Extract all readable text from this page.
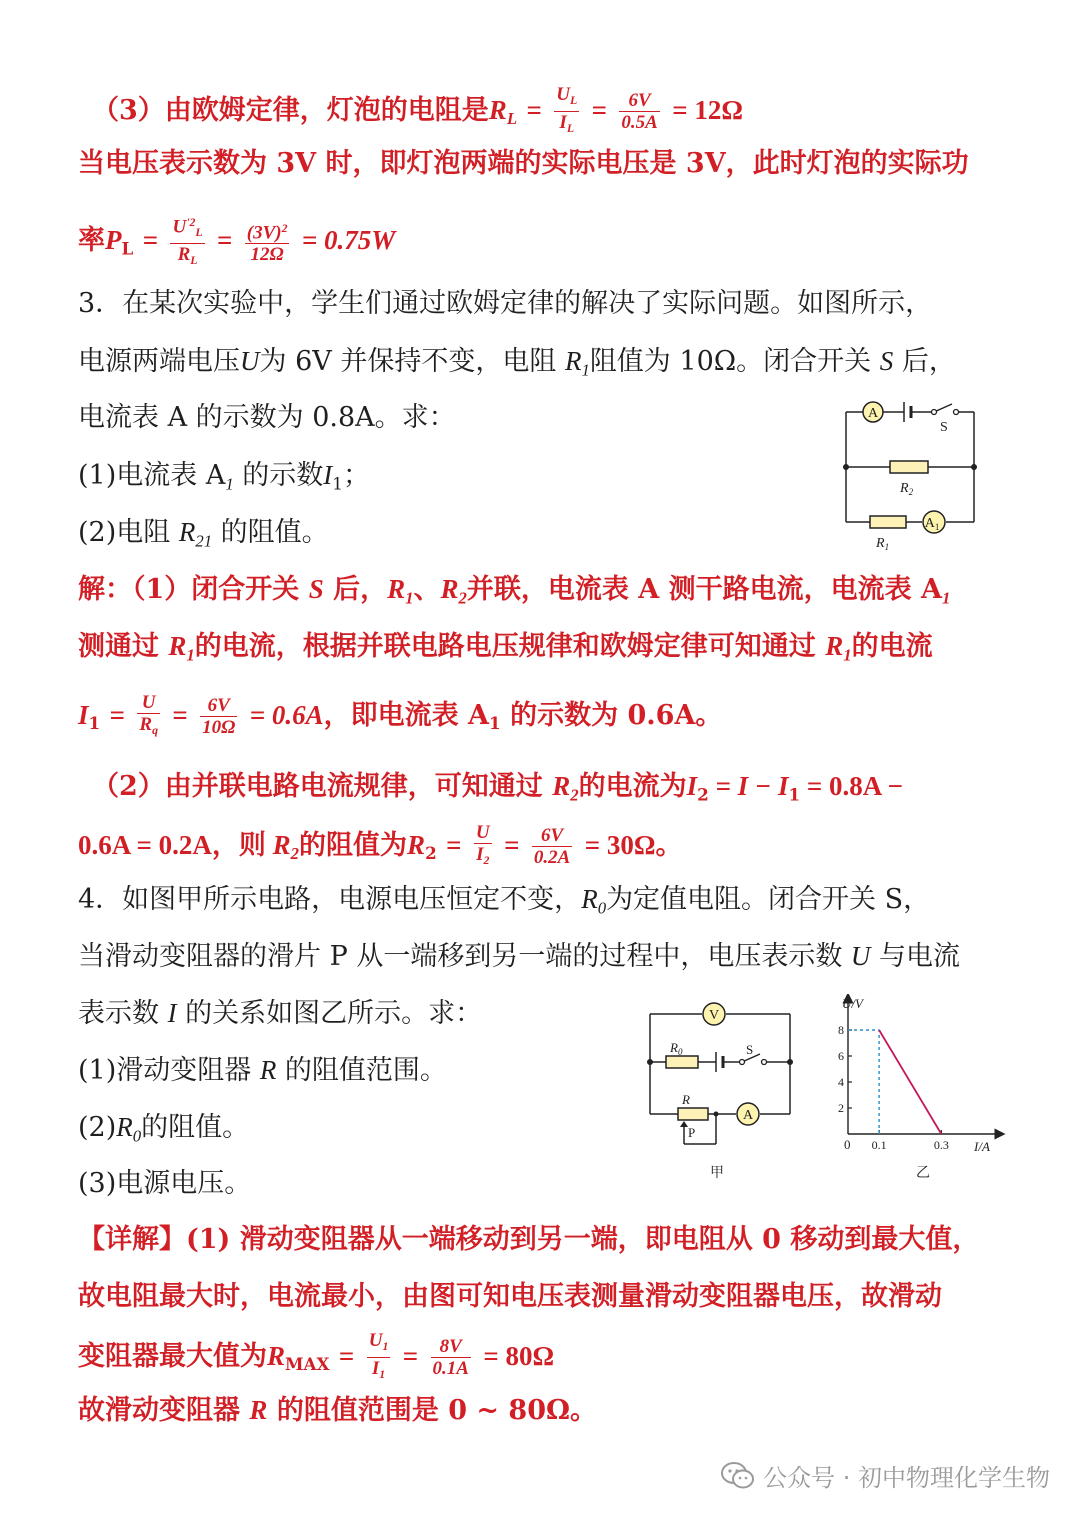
（3）由欧姆定律，灯泡的电阻是$R_L = \frac{U_L}{I_L} = \frac{6V}{0.5A} = 12\Omega$
当电压表示数为 3V 时，即灯泡两端的实际电压是 3V，此时灯泡的实际功
率$P_L = \frac{U^{'2}_L}{R_L} = \frac{(3V)^2}{12\Omega} = 0.75W$
3．在某次实验中，学生们通过欧姆定律的解决了实际问题。如图所示，
电源两端电压U为 6V 并保持不变，电阻 $R_1$阻值为 10Ω。闭合开关 S 后，
电流表 A 的示数为 0.8A。求：
(1)电流表 $A_1$ 的示数$I_1$；
(2)电阻 $R_{21}$ 的阻值。
A
$A_1$
S
$R_2$
$R_1$
解：（1）闭合开关 S 后，$R_1$、$R_2$并联，电流表 A 测干路电流，电流表 $A_1$
测通过 $R_1$的电流，根据并联电路电压规律和欧姆定律可知通过 $R_1$的电流
$I_1 = \frac{U}{R_q} = \frac{6V}{10\Omega} = 0.6A$，即电流表 $A_1$ 的示数为 0.6A。
（2）由并联电路电流规律，可知通过 $R_2$的电流为$I_2 = I - I_1 = 0.8A$ −
0.6A = 0.2A，则 $R_2$的阻值为$R_2 = \frac{U}{I_2} = \frac{6V}{0.2A} = 30\Omega$。
4．如图甲所示电路，电源电压恒定不变，$R_0$为定值电阻。闭合开关 S，
当滑动变阻器的滑片 P 从一端移到另一端的过程中，电压表示数 U 与电流
表示数 I 的关系如图乙所示。求：
(1)滑动变阻器 R 的阻值范围。
$(2)R_0$的阻值。
(3)电源电压。
V
A
$R_0$	S
R
P
甲
2
4
6
8
0.1	0.3
U/V
I/A
0
乙
【详解】(1) 滑动变阻器从一端移动到另一端，即电阻从 0 移动到最大值，
故电阻最大时，电流最小，由图可知电压表测量滑动变阻器电压，故滑动
变阻器最大值为$R_{MAX} = \frac{U_1}{I_1} = \frac{8V}{0.1A} = 80\Omega$
故滑动变阻器 R 的阻值范围是 0 ~ 80Ω。
公众号 · 初中物理化学生物
